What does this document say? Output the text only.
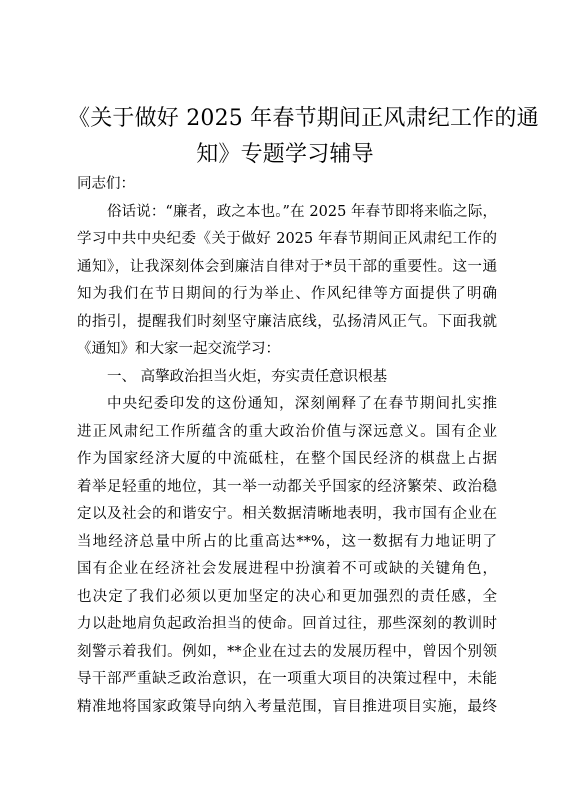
《关于做好 2025 年春节期间正风肃纪工作的通
知》专题学习辅导
同志们：
俗话说：“廉者，政之本也。”在 2025 年春节即将来临之际，
学习中共中央纪委《关于做好 2025 年春节期间正风肃纪工作的
通知》，让我深刻体会到廉洁自律对于*员干部的重要性。这一通
知为我们在节日期间的行为举止、作风纪律等方面提供了明确
的指引，提醒我们时刻坚守廉洁底线，弘扬清风正气。下面我就
《通知》和大家一起交流学习：
一、 高擎政治担当火炬，夯实责任意识根基
中央纪委印发的这份通知，深刻阐释了在春节期间扎实推
进正风肃纪工作所蕴含的重大政治价值与深远意义。国有企业
作为国家经济大厦的中流砥柱，在整个国民经济的棋盘上占据
着举足轻重的地位，其一举一动都关乎国家的经济繁荣、政治稳
定以及社会的和谐安宁。相关数据清晰地表明，我市国有企业在
当地经济总量中所占的比重高达**%，这一数据有力地证明了
国有企业在经济社会发展进程中扮演着不可或缺的关键角色，
也决定了我们必须以更加坚定的决心和更加强烈的责任感，全
力以赴地肩负起政治担当的使命。回首过往，那些深刻的教训时
刻警示着我们。例如，**企业在过去的发展历程中，曾因个别领
导干部严重缺乏政治意识，在一项重大项目的决策过程中，未能
精准地将国家政策导向纳入考量范围，盲目推进项目实施，最终
